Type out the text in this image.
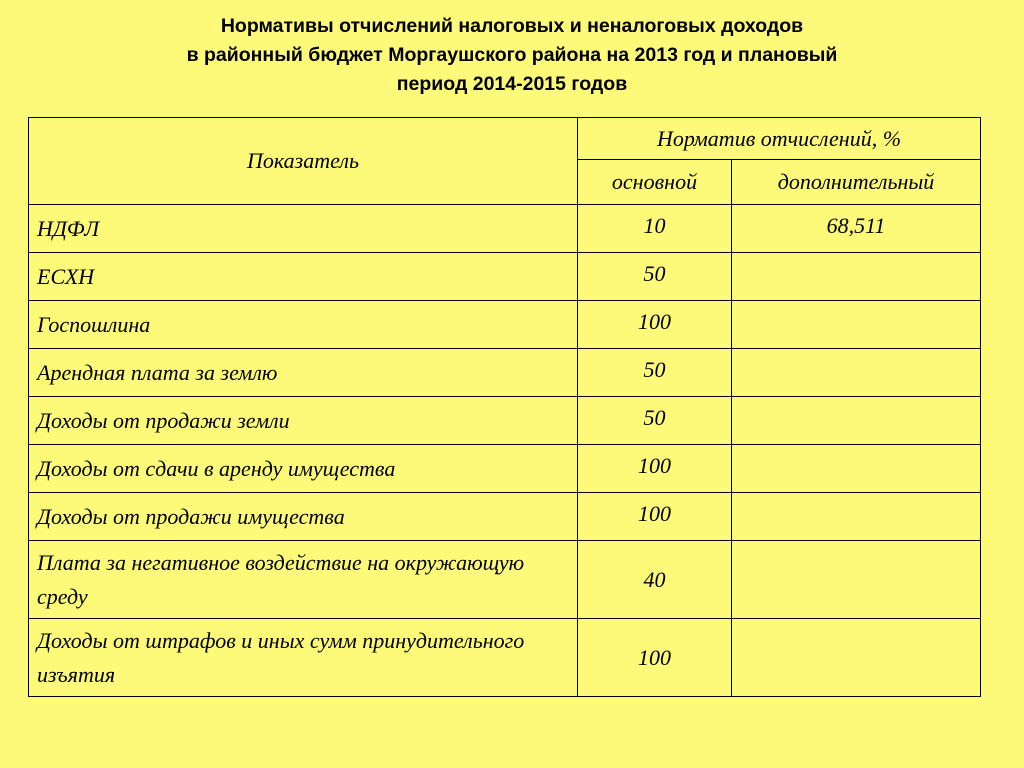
Нормативы отчислений налоговых и неналоговых доходов
в районный бюджет Моргаушского района на 2013 год и плановый
период 2014-2015 годов
Показатель	Норматив отчислений, %	
	основной	дополнительный
НДФЛ	10	68,511
ЕСХН	50	
Госпошлина	100	
Арендная плата за землю	50	
Доходы от продажи земли	50	
Доходы от сдачи в аренду имущества	100	
Доходы от продажи имущества	100	
Плата за негативное воздействие на окружающую среду	40	
Доходы от штрафов и иных сумм принудительного изъятия	100	
